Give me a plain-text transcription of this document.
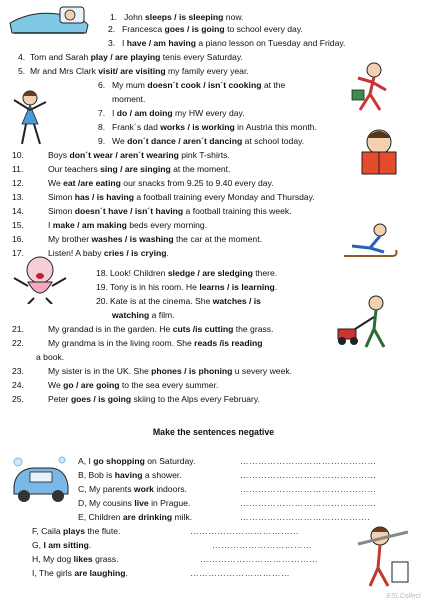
1. John sleeps / is sleeping now.
2. Francesca goes / is going to school every day.
3. I have / am having a piano lesson on Tuesday and Friday.
4. Tom and Sarah play / are playing tenis every Saturday.
5. Mr and Mrs Clark visit/ are visiting my family every year.
6. My mum doesn´t cook / isn´t cooking at the
moment.
7. I do / am doing my HW every day.
8. Frank´s dad works / is working in Austria this month.
9. We don´t dance / aren´t dancing at school today.
10.	Boys don´t wear / aren´t wearing pink T-shirts.
11.	Our teachers sing / are singing at the moment.
12.	We eat /are eating our snacks from 9.25 to 9.40 every day.
13.	Simon has / is having a football training every Monday and Thursday.
14.	Simon doesn´t have / isn´t having a football training this week.
15.	I make / am making beds every morning.
16.	My brother washes / is washing the car at the moment.
17.	Listen! A baby cries / is crying.
18. Look! Children sledge / are sledging there.
19. Tony is in his room. He learns / is learning.
20. Kate is at the cinema. She watches / is
watching a film.
21.	My grandad is in the garden. He cuts /is cutting the grass.
22.	My grandma is in the living room. She reads /is reading
a book.
23.	My sister is in the UK. She phones / is phoning u severy week.
24.	We go / are going to the sea every summer.
25.	Peter goes / is going skiing to the Alps every February.
Make the sentences negative
A, I go shopping on Saturday.	………………………………………
B, Bob is having a shower.	………………………………………
C, My parents work indoors.	………………………………………
D, My cousins live in Prague.	………………………………………
E, Children are drinking milk.	…………………………………….
F, Caila plays the flute.	………………………………
G, I am sitting.	……………………………
H, My dog likes grass.	…………………………………
I, The girls are laughing.	……………………………
ESLCollect
